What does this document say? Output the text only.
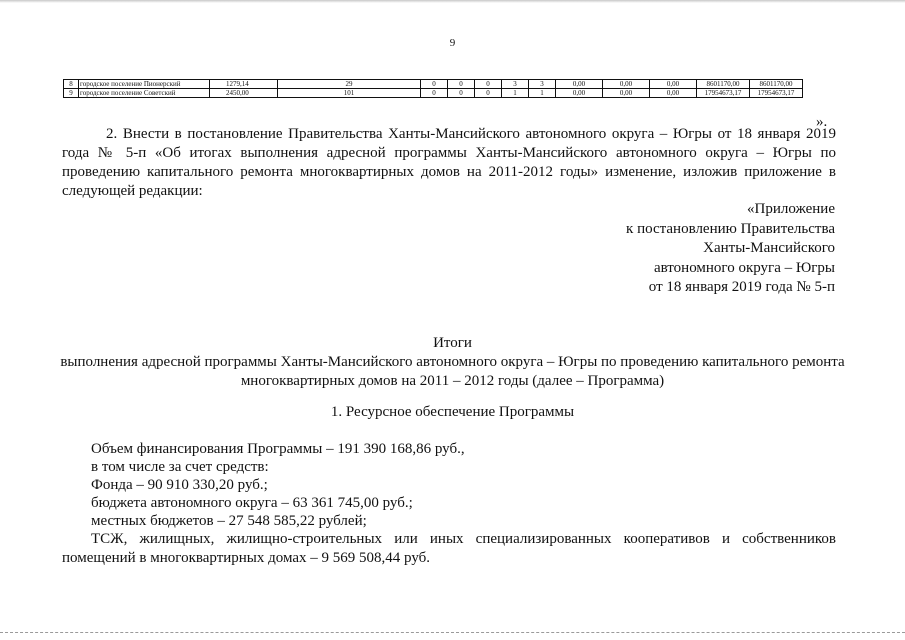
9
8	городское поселение Пионерский	1279,14	29	0	0	0	3	3	0,00	0,00	0,00	8601170,00	8601170,00
9	городское поселение Советский	2450,00	101	0	0	0	1	1	0,00	0,00	0,00	17954673,17	17954673,17
».
2. Внести в постановление Правительства Ханты-Мансийского автономного округа – Югры от 18 января 2019 года № 5-п «Об итогах выполнения адресной программы Ханты-Мансийского автономного округа – Югры по проведению капитального ремонта многоквартирных домов на 2011-2012 годы» изменение, изложив приложение в следующей редакции:
«Приложение
к постановлению Правительства
Ханты-Мансийского
автономного округа – Югры
от 18 января 2019 года № 5-п
Итоги
выполнения адресной программы Ханты-Мансийского автономного округа – Югры по проведению капитального ремонта многоквартирных домов на 2011 – 2012 годы (далее – Программа)
1. Ресурсное обеспечение Программы
Объем финансирования Программы – 191 390 168,86 руб.,
в том числе за счет средств:
Фонда – 90 910 330,20 руб.;
бюджета автономного округа – 63 361 745,00 руб.;
местных бюджетов – 27 548 585,22 рублей;
ТСЖ, жилищных, жилищно-строительных или иных специализированных кооперативов и собственников помещений в многоквартирных домах – 9 569 508,44 руб.
